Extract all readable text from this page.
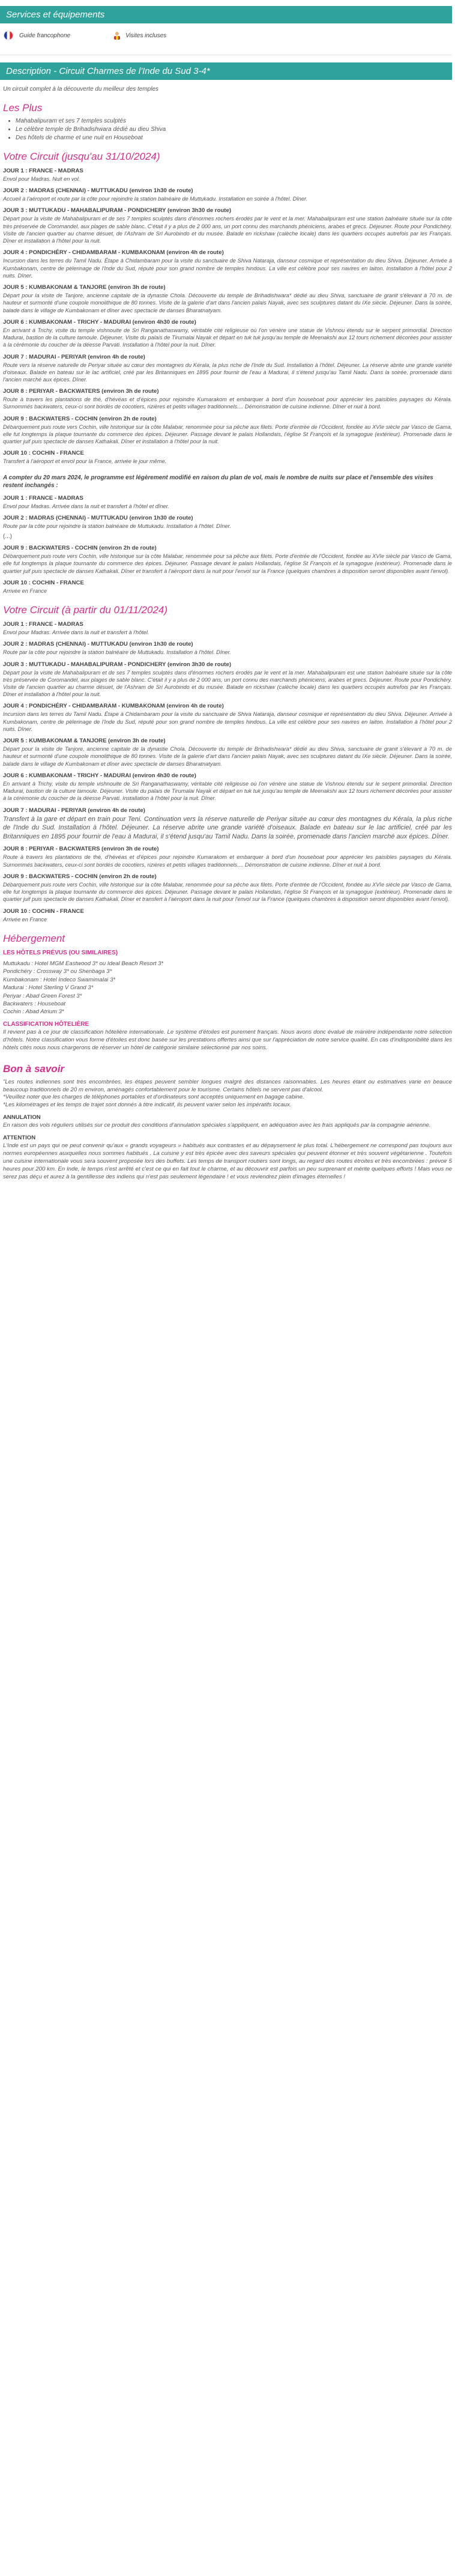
Services et équipements
Guide francophone	Visites incluses
Description - Circuit Charmes de l'Inde du Sud 3-4*
Un circuit complet à la découverte du meilleur des temples
Les Plus
• Mahabalipuram et ses 7 temples sculptés
• Le célèbre temple de Brihadishwara dédié au dieu Shiva
• Des hôtels de charme et une nuit en Houseboat
Votre Circuit (jusqu'au 31/10/2024)
JOUR 1 : FRANCE - MADRAS
Envol pour Madras. Nuit en vol.
JOUR 2 : MADRAS (CHENNAI) - MUTTUKADU (environ 1h30 de route)
Accueil à l'aéroport et route par la côte pour rejoindre la station balnéaire de Muttukadu. Installation en soirée à l'hôtel. Dîner.
JOUR 3 : MUTTUKADU - MAHABALIPURAM - PONDICHERY (environ 3h30 de route)
Départ pour la visite de Mahabalipuram et de ses 7 temples sculptés dans d'énormes rochers érodés par le vent et la mer. Mahabalipuram est une station balnéaire située sur la côte très préservée de Coromandel, aux plages de sable blanc. C'était il y a plus de 2 000 ans, un port connu des marchands phéniciens, arabes et grecs. Déjeuner. Route pour Pondichéry. Visite de l'ancien quartier au charme désuet, de l'Ashram de Sri Aurobindo et du musée. Balade en rickshaw (calèche locale) dans les quartiers occupés autrefois par les Français. Dîner et installation à l'hôtel pour la nuit.
JOUR 4 : PONDICHÉRY - CHIDAMBARAM - KUMBAKONAM (environ 4h de route)
Incursion dans les terres du Tamil Nadu. Étape à Chidambaram pour la visite du sanctuaire de Shiva Nataraja, danseur cosmique et représentation du dieu Shiva. Déjeuner. Arrivée à Kumbakonam, centre de pèlerinage de l'Inde du Sud, réputé pour son grand nombre de temples hindous. La ville est célèbre pour ses navires en laiton. Installation à l'hôtel pour 2 nuits. Dîner.
JOUR 5 : KUMBAKONAM & TANJORE (environ 3h de route)
Départ pour la visite de Tanjore, ancienne capitale de la dynastie Chola. Découverte du temple de Brihadishwara* dédié au dieu Shiva, sanctuaire de granit s'élevant à 70 m. de hauteur et surmonté d'une coupole monolithique de 80 tonnes. Visite de la galerie d'art dans l'ancien palais Nayak, avec ses sculptures datant du IXe siècle. Déjeuner. Dans la soirée, balade dans le village de Kumbakonam et dîner avec spectacle de danses Bharatnatyam.
JOUR 6 : KUMBAKONAM - TRICHY - MADURAI (environ 4h30 de route)
En arrivant à Trichy, visite du temple vishnouite de Sri Ranganathaswamy, véritable cité religieuse où l'on vénère une statue de Vishnou étendu sur le serpent primordial. Direction Madurai, bastion de la culture tamoule. Déjeuner. Visite du palais de Tirumalai Nayak et départ en tuk tuk jusqu'au temple de Meenakshi aux 12 tours richement décorées pour assister à la cérémonie du coucher de la déesse Parvati. Installation à l'hôtel pour la nuit. Dîner.
JOUR 7 : MADURAI - PERIYAR (environ 4h de route)
Route vers la réserve naturelle de Periyar située au cœur des montagnes du Kérala, la plus riche de l'Inde du Sud. Installation à l'hôtel. Déjeuner. La réserve abrite une grande variété d'oiseaux. Balade en bateau sur le lac artificiel, créé par les Britanniques en 1895 pour fournir de l'eau à Madurai, il s'étend jusqu'au Tamil Nadu. Dans la soirée, promenade dans l'ancien marché aux épices. Dîner.
JOUR 8 : PERIYAR - BACKWATERS (environ 3h de route)
Route à travers les plantations de thé, d'hévéas et d'épices pour rejoindre Kumarakom et embarquer à bord d'un houseboat pour apprécier les paisibles paysages du Kérala. Surnommés backwaters, ceux-ci sont bordés de cocotiers, rizières et petits villages traditionnels.... Démonstration de cuisine indienne. Dîner et nuit à bord.
JOUR 9 : BACKWATERS - COCHIN (environ 2h de route)
Débarquement puis route vers Cochin, ville historique sur la côte Malabar, renommée pour sa pêche aux filets. Porte d'entrée de l'Occident, fondée au XVIe siècle par Vasco de Gama, elle fut longtemps la plaque tournante du commerce des épices. Déjeuner. Passage devant le palais Hollandais, l'église St François et la synagogue (extérieur). Promenade dans le quartier juif puis spectacle de danses Kathakali. Dîner et installation à l'hôtel pour la nuit.
JOUR 10 : COCHIN - FRANCE
Transfert à l'aéroport et envol pour la France, arrivée le jour même.
A compter du 20 mars 2024, le programme est légèrement modifié en raison du plan de vol, mais le nombre de nuits sur place et l'ensemble des visites restent inchangés :
JOUR 1 : FRANCE - MADRAS
Envol pour Madras. Arrivée dans la nuit et transfert à l'hôtel et dîner.
JOUR 2 : MADRAS (CHENNAI) - MUTTUKADU (environ 1h30 de route)
Route par la côte pour rejoindre la station balnéaire de Muttukadu. Installation à l'hôtel. Dîner.
(...)
JOUR 9 : BACKWATERS - COCHIN (environ 2h de route)
Débarquement puis route vers Cochin, ville historique sur la côte Malabar, renommée pour sa pêche aux filets. Porte d'entrée de l'Occident, fondée au XVIe siècle par Vasco de Gama, elle fut longtemps la plaque tournante du commerce des épices. Déjeuner. Passage devant le palais Hollandais, l'église St François et la synagogue (extérieur). Promenade dans le quartier juif puis spectacle de danses Kathakali. Dîner et transfert à l'aéroport dans la nuit pour l'envol sur la France (quelques chambres à disposition seront disponibles avant l'envol).
JOUR 10 : COCHIN - FRANCE
Arrivée en France
Votre Circuit (à partir du 01/11/2024)
JOUR 1 : FRANCE - MADRAS
Envol pour Madras. Arrivée dans la nuit et transfert à l'hôtel.
JOUR 2 : MADRAS (CHENNAI) - MUTTUKADU (environ 1h30 de route)
Route par la côte pour rejoindre la station balnéaire de Muttukadu. Installation à l'hôtel. Dîner.
JOUR 3 : MUTTUKADU - MAHABALIPURAM - PONDICHERY (environ 3h30 de route)
Départ pour la visite de Mahabalipuram et de ses 7 temples sculptés dans d'énormes rochers érodés par le vent et la mer. Mahabalipuram est une station balnéaire située sur la côte très préservée de Coromandel, aux plages de sable blanc. C'était il y a plus de 2 000 ans, un port connu des marchands phéniciens, arabes et grecs. Déjeuner. Route pour Pondichéry. Visite de l'ancien quartier au charme désuet, de l'Ashram de Sri Aurobindo et du musée. Balade en rickshaw (calèche locale) dans les quartiers occupés autrefois par les Français. Dîner et installation à l'hôtel pour la nuit.
JOUR 4 : PONDICHÉRY - CHIDAMBARAM - KUMBAKONAM (environ 4h de route)
Incursion dans les terres du Tamil Nadu. Étape à Chidambaram pour la visite du sanctuaire de Shiva Nataraja, danseur cosmique et représentation du dieu Shiva. Déjeuner. Arrivée à Kumbakonam, centre de pèlerinage de l'Inde du Sud, réputé pour son grand nombre de temples hindous. La ville est célèbre pour ses navires en laiton. Installation à l'hôtel pour 2 nuits. Dîner.
JOUR 5 : KUMBAKONAM & TANJORE (environ 3h de route)
Départ pour la visite de Tanjore, ancienne capitale de la dynastie Chola. Découverte du temple de Brihadishwara* dédié au dieu Shiva, sanctuaire de granit s'élevant à 70 m. de hauteur et surmonté d'une coupole monolithique de 80 tonnes. Visite de la galerie d'art dans l'ancien palais Nayak, avec ses sculptures datant du IXe siècle. Déjeuner. Dans la soirée, balade dans le village de Kumbakonam et dîner avec spectacle de danses Bharatnatyam.
JOUR 6 : KUMBAKONAM - TRICHY - MADURAI (environ 4h30 de route)
En arrivant à Trichy, visite du temple vishnouite de Sri Ranganathaswamy, véritable cité religieuse où l'on vénère une statue de Vishnou étendu sur le serpent primordial. Direction Madurai, bastion de la culture tamoule. Déjeuner. Visite du palais de Tirumalai Nayak et départ en tuk tuk jusqu'au temple de Meenakshi aux 12 tours richement décorées pour assister à la cérémonie du coucher de la déesse Parvati. Installation à l'hôtel pour la nuit. Dîner.
JOUR 7 : MADURAI - PERIYAR (environ 4h de route)
Transfert à la gare et départ en train pour Teni. Continuation vers la réserve naturelle de Periyar située au cœur des montagnes du Kérala, la plus riche de l'Inde du Sud. Installation à l'hôtel. Déjeuner. La réserve abrite une grande variété d'oiseaux. Balade en bateau sur le lac artificiel, créé par les Britanniques en 1895 pour fournir de l'eau à Madurai, il s'étend jusqu'au Tamil Nadu. Dans la soirée, promenade dans l'ancien marché aux épices. Dîner.
JOUR 8 : PERIYAR - BACKWATERS (environ 3h de route)
Route à travers les plantations de thé, d'hévéas et d'épices pour rejoindre Kumarakom et embarquer à bord d'un houseboat pour apprécier les paisibles paysages du Kérala. Surnommés backwaters, ceux-ci sont bordés de cocotiers, rizières et petits villages traditionnels.... Démonstration de cuisine indienne. Dîner et nuit à bord.
JOUR 9 : BACKWATERS - COCHIN (environ 2h de route)
Débarquement puis route vers Cochin, ville historique sur la côte Malabar, renommée pour sa pêche aux filets. Porte d'entrée de l'Occident, fondée au XVIe siècle par Vasco de Gama, elle fut longtemps la plaque tournante du commerce des épices. Déjeuner. Passage devant le palais Hollandais, l'église St François et la synagogue (extérieur). Promenade dans le quartier juif puis spectacle de danses Kathakali. Dîner et transfert à l'aéroport dans la nuit pour l'envol sur la France (quelques chambres à disposition seront disponibles avant l'envol).
JOUR 10 : COCHIN - FRANCE
Arrivée en France
Hébergement
LES HÔTELS PRÉVUS (OU SIMILAIRES)
Muttukadu : Hotel MGM Eastwood 3* ou Ideal Beach Resort 3*
Pondichéry : Crossway 3* ou Shenbaga 3*
Kumbakonam : Hotel Indeco Swamimalai 3*
Madurai : Hotel Sterling V Grand 3*
Periyar : Abad Green Forest 3*
Backwaters : Houseboat
Cochin : Abad Atrium 3*
CLASSIFICATION HÔTELIÈRE
Il revient pas à ce jour de classification hôtelière internationale. Le système d'étoiles est purement français. Nous avons donc évalué de manière indépendante notre sélection d'hôtels. Notre classification vous forme d'étoiles est donc basée sur les prestations offertes ainsi que sur l'appréciation de notre service qualité. En cas d'indisponibilité dans les hôtels cités nous nous chargerons de réserver un hôtel de catégorie similaire sélectionné par nos soins.
Bon à savoir
"Les routes indiennes sont très encombrées, les étapes peuvent sembler longues malgré des distances raisonnables. Les heures étant ou estimatives varie en beauce beaucoup traditionnels de 20 m environ, aménagés confortablement pour le tourisme. Certains hôtels ne servent pas d'alcool.
*Veuillez noter que les charges de téléphones portables et d'ordinateurs sont acceptés uniquement en bagage cabine.
*Les kilométrages et les temps de trajet sont donnés à titre indicatif, ils peuvent varier selon les impératifs locaux.
ANNULATION
En raison des vols réguliers utilisés sur ce produit des conditions d'annulation spéciales s'appliquent, en adéquation avec les frais appliqués par la compagnie aérienne.
ATTENTION
L'Inde est un pays qui ne peut convenir qu'aux « grands voyageurs » habitués aux contrastes et au dépaysement le plus total. L'hébergement ne correspond pas toujours aux normes européennes auxquelles nous sommes habitués . La cuisine y est très épicée avec des saveurs spéciales qui peuvent étonner et très souvent végétarienne . Toutefois une cuisine internationale vous sera souvent proposée lors des buffets. Les temps de transport routiers sont longs, au regard des routes étroites et très encombrées : prévoir 5 heures pour 200 km. En Inde, le temps n'est arrêté et c'est ce qui en fait tout le charme, et au découvrir est parfois un peu surprenant et mérite quelques efforts ! Mais vous ne serez pas déçu et aurez à la gentillesse des indiens qui n'est pas seulement légendaire ! et vous reviendrez plein d'images éternelles !
